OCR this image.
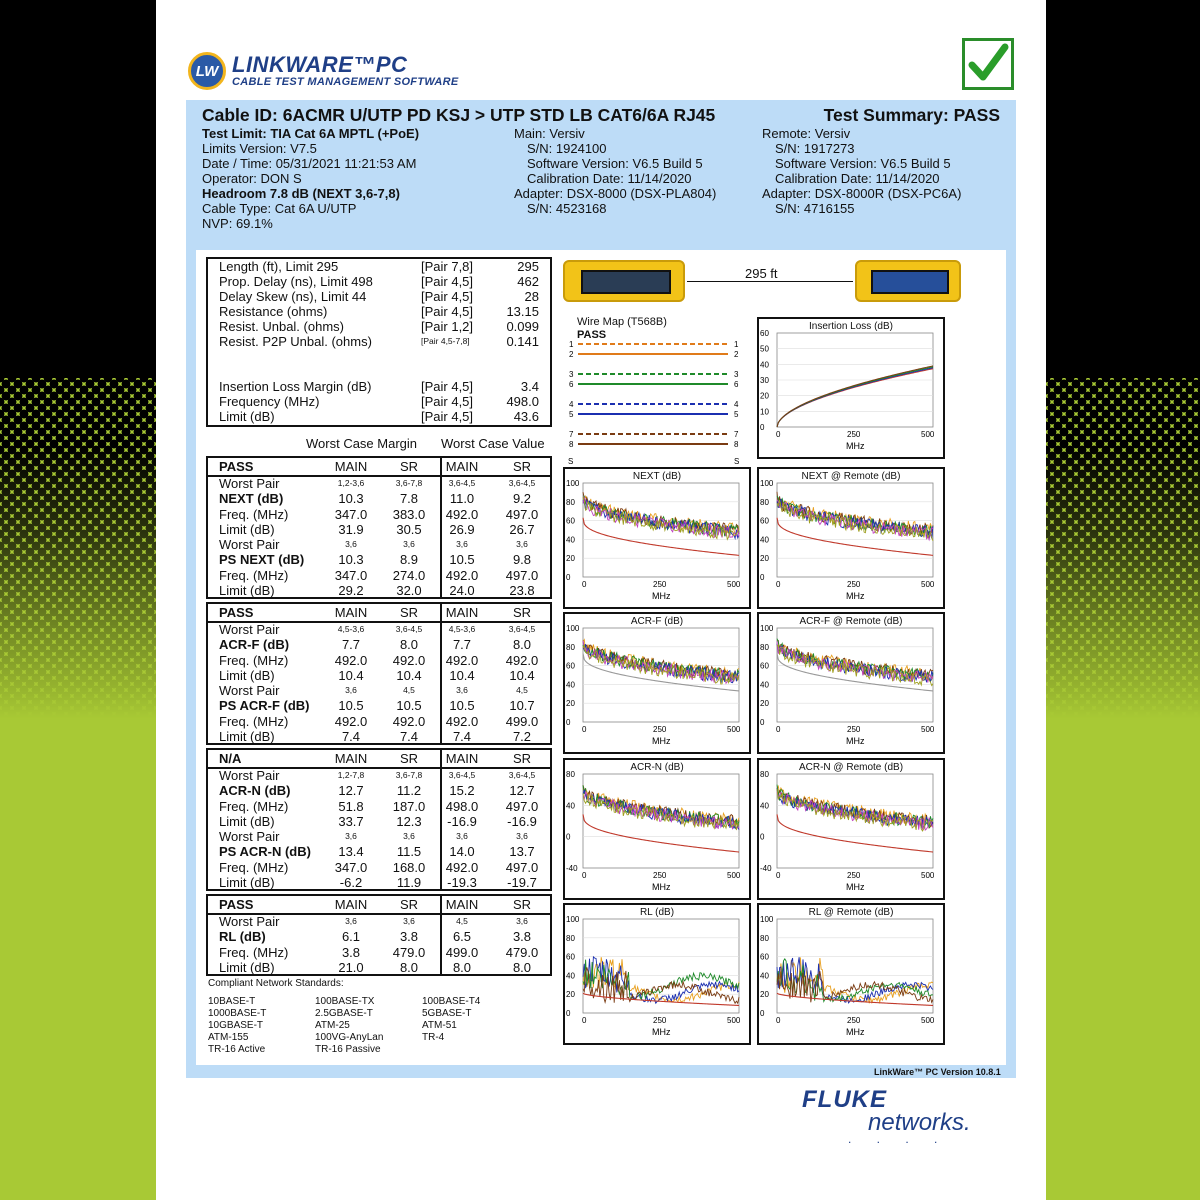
LW LINKWARE™PC
CABLE TEST MANAGEMENT SOFTWARE
Cable ID: 6ACMR U/UTP PD KSJ > UTP STD LB CAT6/6A RJ45	Test Summary: PASS
Test Limit: TIA Cat 6A MPTL (+PoE)
Limits Version: V7.5
Date / Time: 05/31/2021 11:21:53 AM
Operator: DON S
Headroom 7.8 dB (NEXT 3,6-7,8)
Cable Type: Cat 6A U/UTP
NVP: 69.1%
Main: Versiv
S/N: 1924100
Software Version: V6.5 Build 5
Calibration Date: 11/14/2020
Adapter: DSX-8000 (DSX-PLA804)
S/N: 4523168
Remote: Versiv
S/N: 1917273
Software Version: V6.5 Build 5
Calibration Date: 11/14/2020
Adapter: DSX-8000R (DSX-PC6A)
S/N: 4716155
Length (ft), Limit 295	[Pair 7,8]	295
Prop. Delay (ns), Limit 498	[Pair 4,5]	462
Delay Skew (ns), Limit 44	[Pair 4,5]	28
Resistance (ohms)	[Pair 4,5]	13.15
Resist. Unbal. (ohms)	[Pair 1,2]	0.099
Resist. P2P Unbal. (ohms)	[Pair 4,5-7,8]	0.141
Insertion Loss Margin (dB)	[Pair 4,5]	3.4
Frequency (MHz)	[Pair 4,5]	498.0
Limit (dB)	[Pair 4,5]	43.6
Worst Case Margin Worst Case Value
PASS	MAIN	SR	MAIN	SR
Worst Pair	1,2-3,6	3,6-7,8	3,6-4,5	3,6-4,5
NEXT (dB)	10.3	7.8	11.0	9.2
Freq. (MHz)	347.0	383.0	492.0	497.0
Limit (dB)	31.9	30.5	26.9	26.7
Worst Pair	3,6	3,6	3,6	3,6
PS NEXT (dB)	10.3	8.9	10.5	9.8
Freq. (MHz)	347.0	274.0	492.0	497.0
Limit (dB)	29.2	32.0	24.0	23.8
PASS	MAIN	SR	MAIN	SR
Worst Pair	4,5-3,6	3,6-4,5	4,5-3,6	3,6-4,5
ACR-F (dB)	7.7	8.0	7.7	8.0
Freq. (MHz)	492.0	492.0	492.0	492.0
Limit (dB)	10.4	10.4	10.4	10.4
Worst Pair	3,6	4,5	3,6	4,5
PS ACR-F (dB)	10.5	10.5	10.5	10.7
Freq. (MHz)	492.0	492.0	492.0	499.0
Limit (dB)	7.4	7.4	7.4	7.2
N/A	MAIN	SR	MAIN	SR
Worst Pair	1,2-7,8	3,6-7,8	3,6-4,5	3,6-4,5
ACR-N (dB)	12.7	11.2	15.2	12.7
Freq. (MHz)	51.8	187.0	498.0	497.0
Limit (dB)	33.7	12.3	-16.9	-16.9
Worst Pair	3,6	3,6	3,6	3,6
PS ACR-N (dB)	13.4	11.5	14.0	13.7
Freq. (MHz)	347.0	168.0	492.0	497.0
Limit (dB)	-6.2	11.9	-19.3	-19.7
PASS	MAIN	SR	MAIN	SR
Worst Pair	3,6	3,6	4,5	3,6
RL (dB)	6.1	3.8	6.5	3.8
Freq. (MHz)	3.8	479.0	499.0	479.0
Limit (dB)	21.0	8.0	8.0	8.0
Compliant Network Standards:
10BASE-T
1000BASE-T
10GBASE-T
ATM-155
TR-16 Active
100BASE-TX
2.5GBASE-T
ATM-25
100VG-AnyLan
TR-16 Passive
100BASE-T4
5GBASE-T
ATM-51
TR-4
295 ft
Wire Map (T568B)
PASS
1	1
2	2
3	3
6	6
4	4
5	5
7	7
8	8
S	S
Insertion Loss (dB)
60
50
40
30
20
10
0
0	250	500
MHz
NEXT (dB)
100
80
60
40
20
0
0	250	500
MHz
NEXT @ Remote (dB)
100
80
60
40
20
0
0	250	500
MHz
ACR-F (dB)
100
80
60
40
20
0
0	250	500
MHz
ACR-F @ Remote (dB)
100
80
60
40
20
0
0	250	500
MHz
ACR-N (dB)
80
40
0
-40
0	250	500
MHz
ACR-N @ Remote (dB)
80
40
0
-40
0	250	500
MHz
RL (dB)
100
80
60
40
20
0
0	250	500
MHz
RL @ Remote (dB)
100
80
60
40
20
0
0	250	500
MHz
LinkWare™ PC Version 10.8.1
FLUKE
networks.
. . . .
